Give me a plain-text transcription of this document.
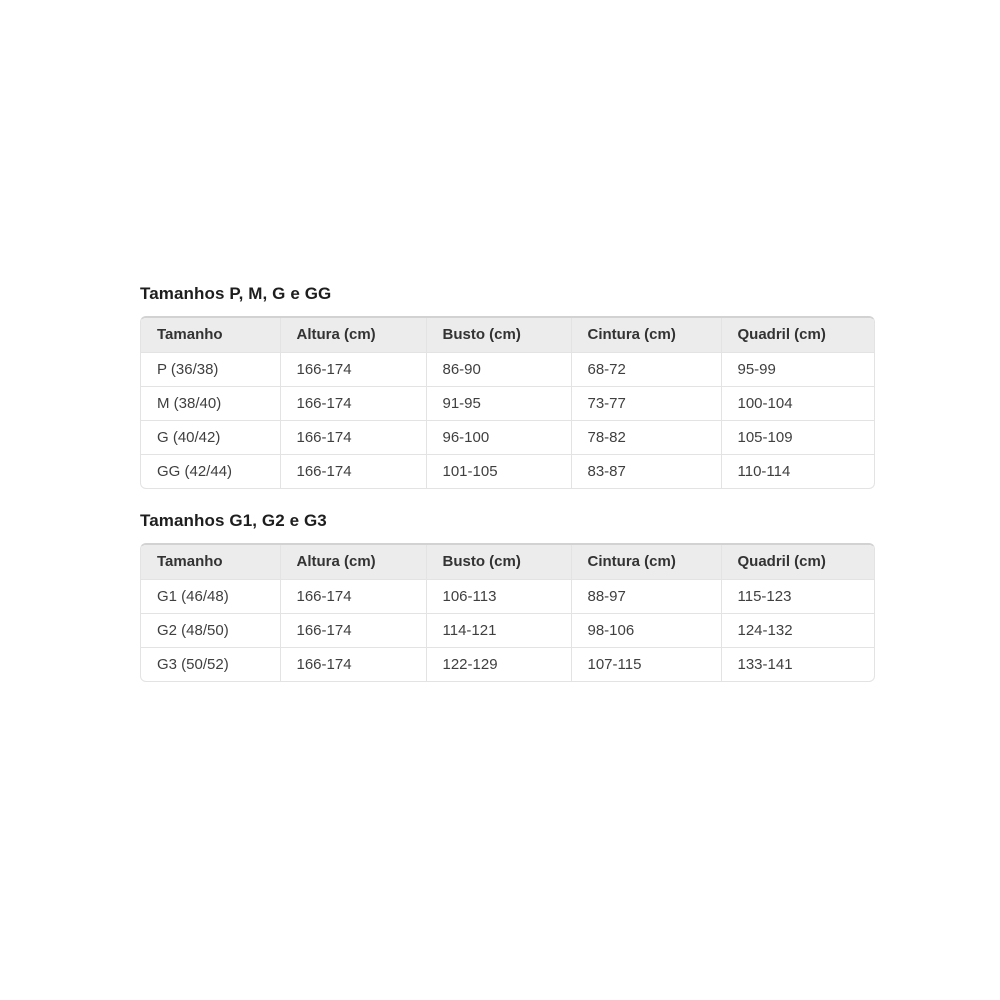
Tamanhos P, M, G e GG
Tamanho	Altura (cm)	Busto (cm)	Cintura (cm)	Quadril (cm)
P (36/38)	166-174	86-90	68-72	95-99
M (38/40)	166-174	91-95	73-77	100-104
G (40/42)	166-174	96-100	78-82	105-109
GG (42/44)	166-174	101-105	83-87	110-114
Tamanhos G1, G2 e G3
Tamanho	Altura (cm)	Busto (cm)	Cintura (cm)	Quadril (cm)
G1 (46/48)	166-174	106-113	88-97	115-123
G2 (48/50)	166-174	114-121	98-106	124-132
G3 (50/52)	166-174	122-129	107-115	133-141
